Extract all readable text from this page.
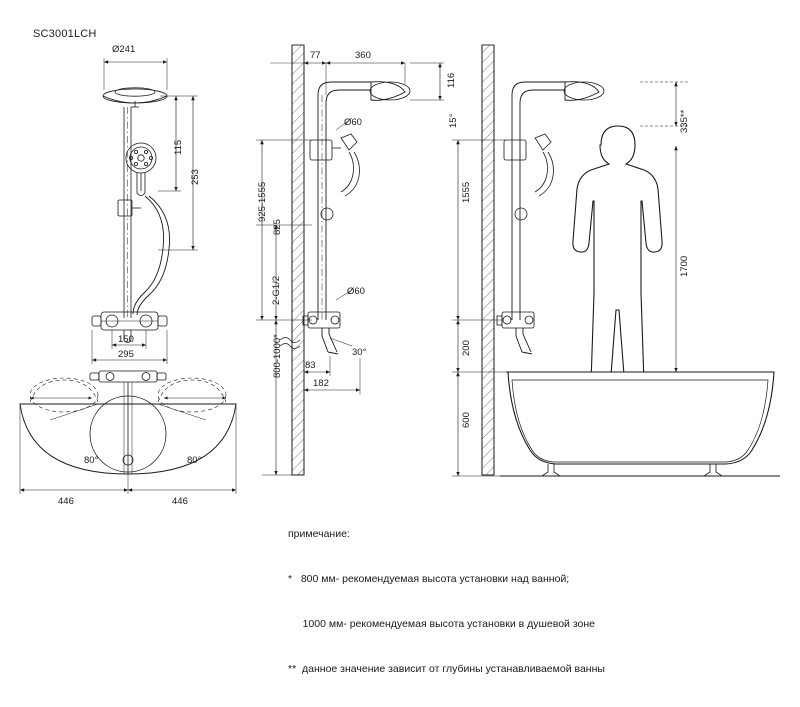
SC3001LCH
Ø241
115
253
150
295
80°	80°
446	446
77	360
116
15°
Ø60
925-1555
825
2-G1/2	Ø60
800-1000*	30°
83
182
335**
1555
1700
200
600

примечание:

*   800 мм- рекомендуемая высота установки над ванной;

1000 мм- рекомендуемая высота установки в душевой зоне

**  данное значение зависит от глубины устанавливаемой ванны
